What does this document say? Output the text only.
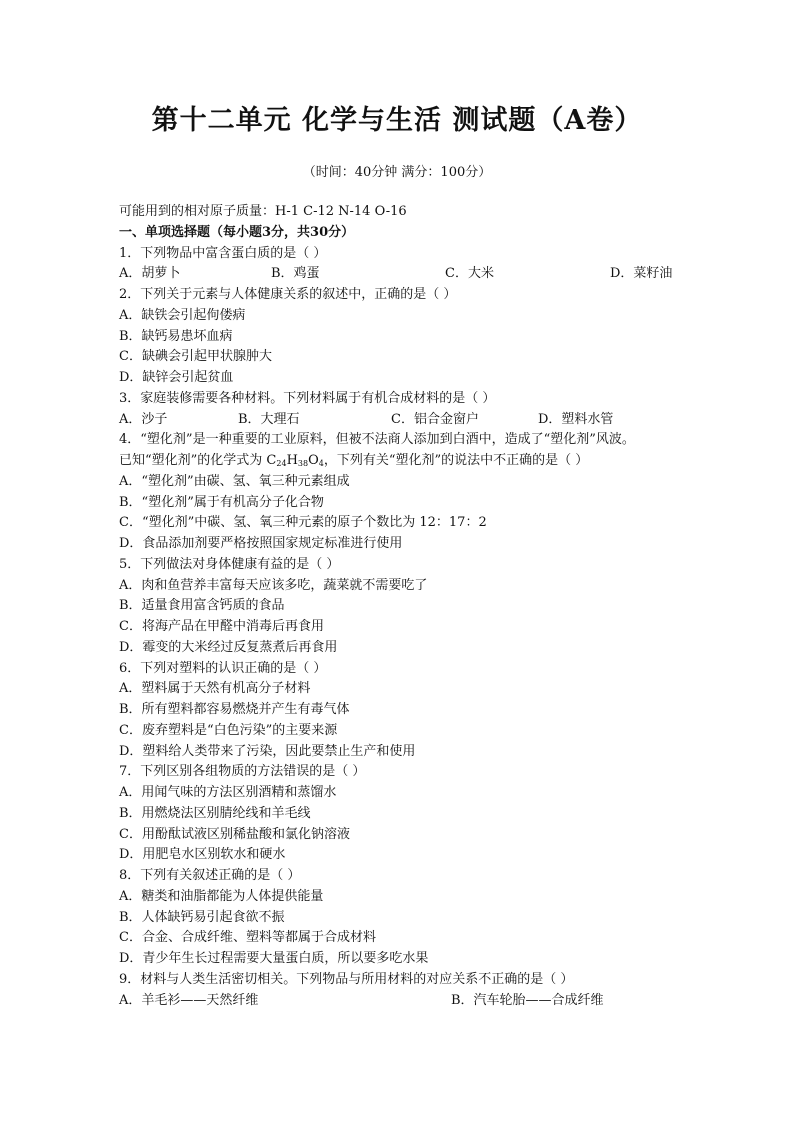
第十二单元 化学与生活 测试题（A卷）
（时间：40分钟 满分：100分）
可能用到的相对原子质量：H-1 C-12 N-14 O-16
一、单项选择题（每小题3分，共30分）
1．下列物品中富含蛋白质的是（ ）
A．胡萝卜	B．鸡蛋	C．大米	D．菜籽油
2．下列关于元素与人体健康关系的叙述中，正确的是（ ）
A．缺铁会引起佝偻病
B．缺钙易患坏血病
C．缺碘会引起甲状腺肿大
D．缺锌会引起贫血
3．家庭装修需要各种材料。下列材料属于有机合成材料的是（ ）
A．沙子	B．大理石	C．铝合金窗户	D．塑料水管
4．“塑化剂”是一种重要的工业原料，但被不法商人添加到白酒中，造成了“塑化剂”风波。
已知“塑化剂”的化学式为 $C_{24}H_{38}O_4$，下列有关“塑化剂”的说法中不正确的是（ ）
A．“塑化剂”由碳、氢、氧三种元素组成
B．“塑化剂”属于有机高分子化合物
C．“塑化剂”中碳、氢、氧三种元素的原子个数比为 12：17：2
D．食品添加剂要严格按照国家规定标准进行使用
5．下列做法对身体健康有益的是（ ）
A．肉和鱼营养丰富每天应该多吃，蔬菜就不需要吃了
B．适量食用富含钙质的食品
C．将海产品在甲醛中消毒后再食用
D．霉变的大米经过反复蒸煮后再食用
6．下列对塑料的认识正确的是（ ）
A．塑料属于天然有机高分子材料
B．所有塑料都容易燃烧并产生有毒气体
C．废弃塑料是“白色污染”的主要来源
D．塑料给人类带来了污染，因此要禁止生产和使用
7．下列区别各组物质的方法错误的是（ ）
A．用闻气味的方法区别酒精和蒸馏水
B．用燃烧法区别腈纶线和羊毛线
C．用酚酞试液区别稀盐酸和氯化钠溶液
D．用肥皂水区别软水和硬水
8．下列有关叙述正确的是（ ）
A．糖类和油脂都能为人体提供能量
B．人体缺钙易引起食欲不振
C．合金、合成纤维、塑料等都属于合成材料
D．青少年生长过程需要大量蛋白质，所以要多吃水果
9．材料与人类生活密切相关。下列物品与所用材料的对应关系不正确的是（ ）
A．羊毛衫——天然纤维	B．汽车轮胎——合成纤维
